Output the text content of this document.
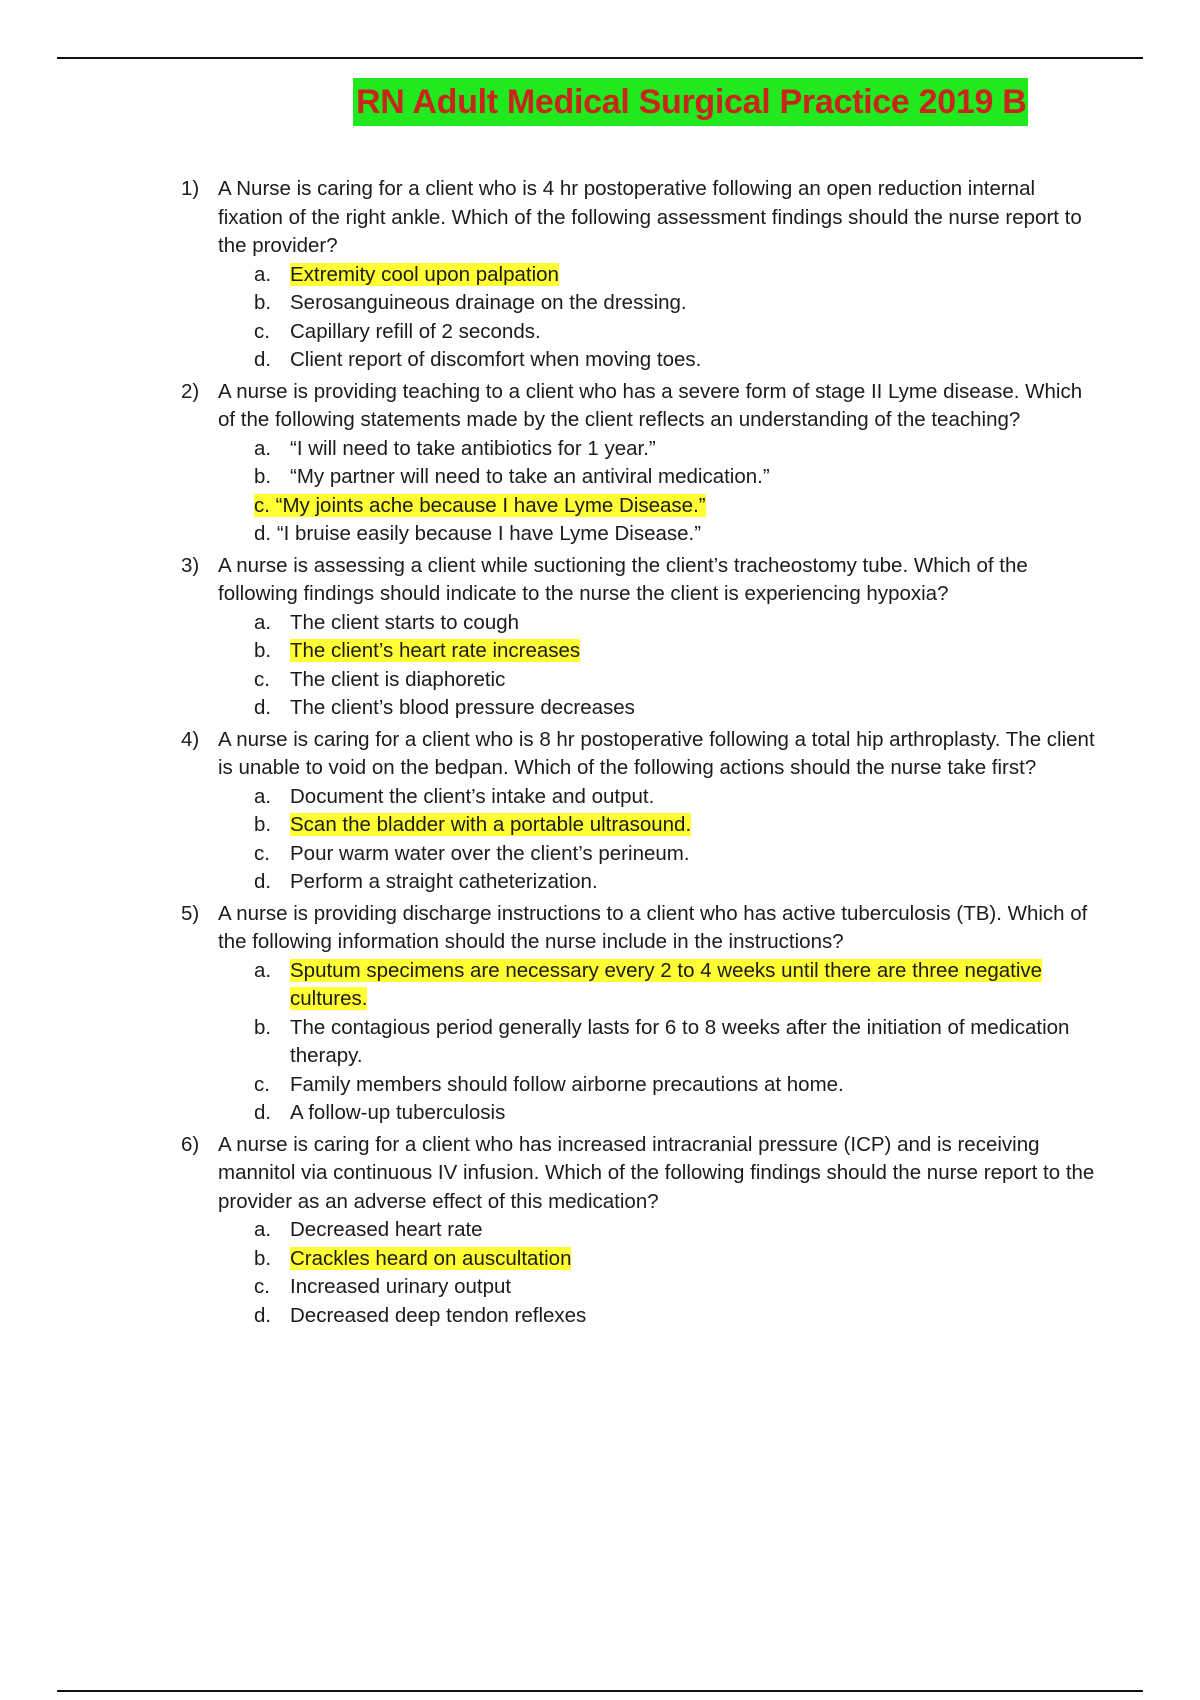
RN Adult Medical Surgical Practice 2019 B
1) A Nurse is caring for a client who is 4 hr postoperative following an open reduction internal fixation of the right ankle. Which of the following assessment findings should the nurse report to the provider?
a. Extremity cool upon palpation
b. Serosanguineous drainage on the dressing.
c. Capillary refill of 2 seconds.
d. Client report of discomfort when moving toes.
2) A nurse is providing teaching to a client who has a severe form of stage II Lyme disease. Which of the following statements made by the client reflects an understanding of the teaching?
a. “I will need to take antibiotics for 1 year.”
b. “My partner will need to take an antiviral medication.”
c. “My joints ache because I have Lyme Disease.”
d. “I bruise easily because I have Lyme Disease.”
3) A nurse is assessing a client while suctioning the client’s tracheostomy tube. Which of the following findings should indicate to the nurse the client is experiencing hypoxia?
a. The client starts to cough
b. The client’s heart rate increases
c. The client is diaphoretic
d. The client’s blood pressure decreases
4) A nurse is caring for a client who is 8 hr postoperative following a total hip arthroplasty. The client is unable to void on the bedpan. Which of the following actions should the nurse take first?
a. Document the client’s intake and output.
b. Scan the bladder with a portable ultrasound.
c. Pour warm water over the client’s perineum.
d. Perform a straight catheterization.
5) A nurse is providing discharge instructions to a client who has active tuberculosis (TB). Which of the following information should the nurse include in the instructions?
a. Sputum specimens are necessary every 2 to 4 weeks until there are three negative cultures.
b. The contagious period generally lasts for 6 to 8 weeks after the initiation of medication therapy.
c. Family members should follow airborne precautions at home.
d. A follow-up tuberculosis
6) A nurse is caring for a client who has increased intracranial pressure (ICP) and is receiving mannitol via continuous IV infusion. Which of the following findings should the nurse report to the provider as an adverse effect of this medication?
a. Decreased heart rate
b. Crackles heard on auscultation
c. Increased urinary output
d. Decreased deep tendon reflexes
